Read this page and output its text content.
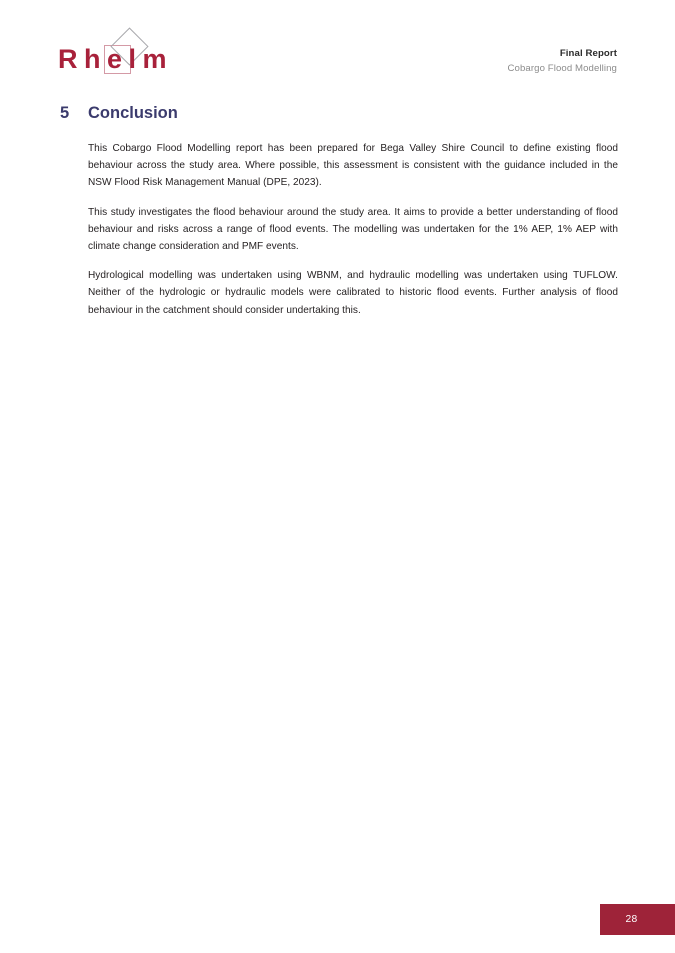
Rhelm	Final Report
Cobargo Flood Modelling
5 Conclusion

This Cobargo Flood Modelling report has been prepared for Bega Valley Shire Council to define existing flood behaviour across the study area. Where possible, this assessment is consistent with the guidance included in the NSW Flood Risk Management Manual (DPE, 2023).

This study investigates the flood behaviour around the study area. It aims to provide a better understanding of flood behaviour and risks across a range of flood events. The modelling was undertaken for the 1% AEP, 1% AEP with climate change consideration and PMF events.

Hydrological modelling was undertaken using WBNM, and hydraulic modelling was undertaken using TUFLOW. Neither of the hydrologic or hydraulic models were calibrated to historic flood events. Further analysis of flood behaviour in the catchment should consider undertaking this.

28
